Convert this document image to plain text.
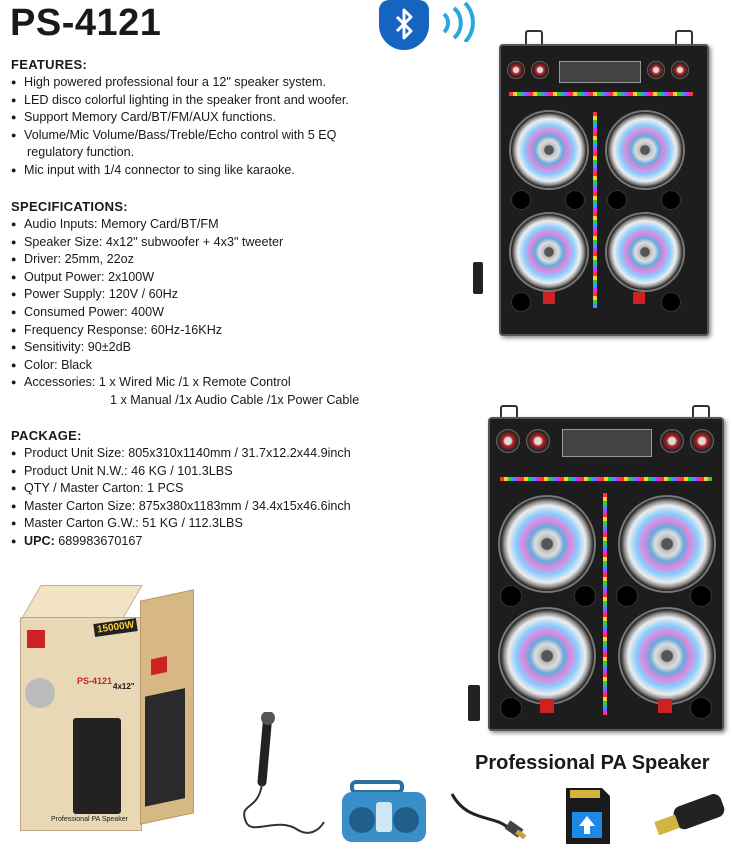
PS-4121
FEATURES:
● High powered professional four a 12" speaker system.
● LED disco colorful lighting in the speaker front and woofer.
● Support Memory Card/BT/FM/AUX functions.
● Volume/Mic Volume/Bass/Treble/Echo control with 5 EQ
regulatory function.
● Mic input with 1/4 connector to sing like karaoke.
SPECIFICATIONS:
● Audio Inputs: Memory Card/BT/FM
● Speaker Size: 4x12" subwoofer + 4x3" tweeter
● Driver: 25mm, 22oz
● Output Power: 2x100W
● Power Supply: 120V / 60Hz
● Consumed Power: 400W
● Frequency Response: 60Hz-16KHz
● Sensitivity: 90±2dB
● Color: Black
● Accessories: 1 x Wired Mic /1 x Remote Control
1 x Manual /1x Audio Cable /1x Power Cable
PACKAGE:
● Product Unit Size: 805x310x1140mm / 31.7x12.2x44.9inch
● Product Unit N.W.: 46 KG / 101.3LBS
● QTY / Master Carton: 1 PCS
● Master Carton Size: 875x380x1183mm / 34.4x15x46.6inch
● Master Carton G.W.: 51 KG / 112.3LBS
● UPC: 689983670167
PS-4121
4x12"
Professional PA Speaker
15000W
Professional PA Speaker
